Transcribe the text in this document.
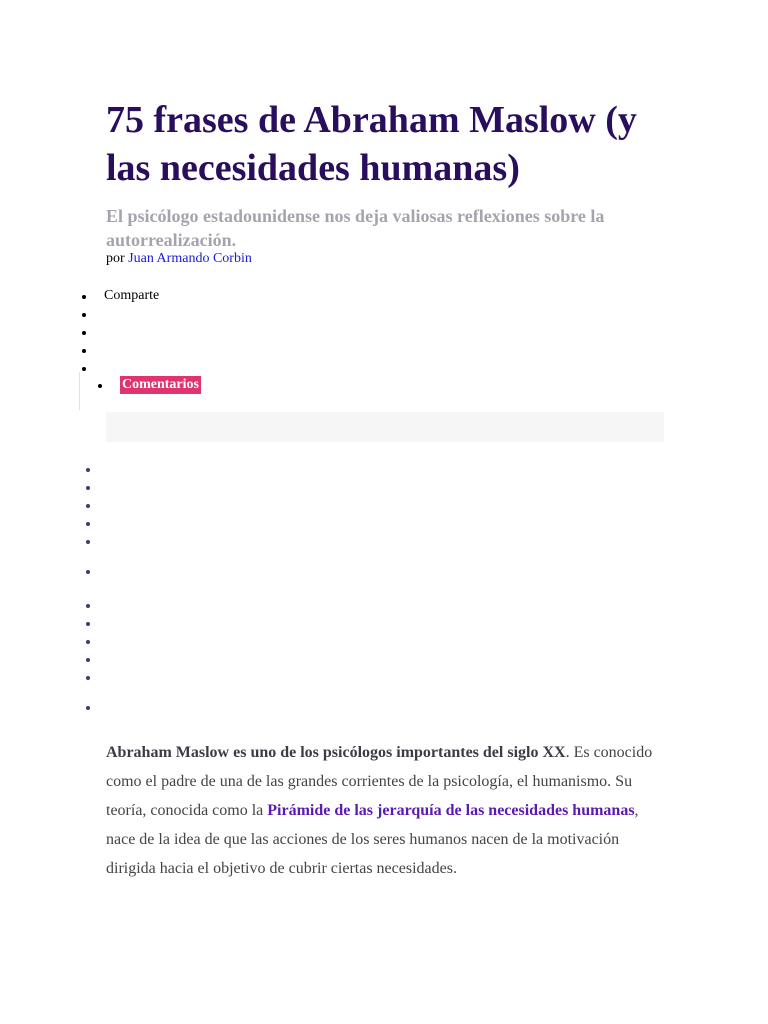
75 frases de Abraham Maslow (y las necesidades humanas)
El psicólogo estadounidense nos deja valiosas reflexiones sobre la autorrealización.
por Juan Armando Corbin
Comparte
Comentarios

Abraham Maslow es uno de los psicólogos importantes del siglo XX. Es conocido como el padre de una de las grandes corrientes de la psicología, el humanismo. Su teoría, conocida como la Pirámide de las jerarquía de las necesidades humanas, nace de la idea de que las acciones de los seres humanos nacen de la motivación dirigida hacia el objetivo de cubrir ciertas necesidades.
